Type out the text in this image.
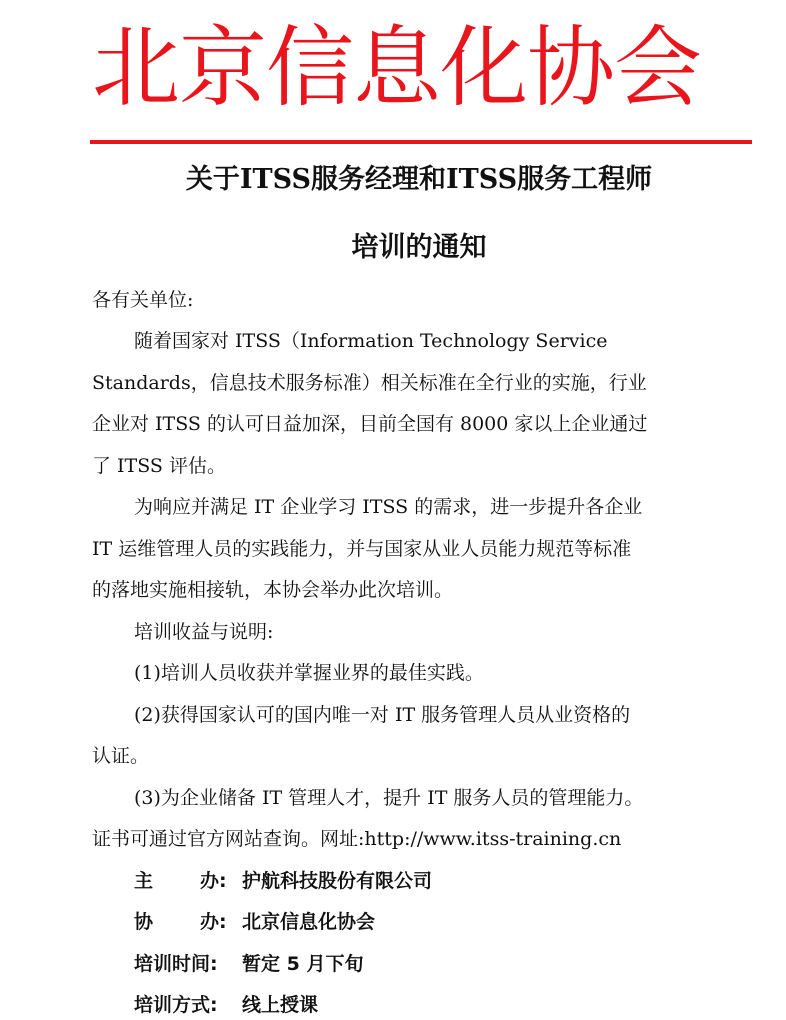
北京信息化协会
关于ITSS服务经理和ITSS服务工程师
培训的通知
各有关单位:
随着国家对 ITSS（Information Technology Service
Standards，信息技术服务标准）相关标准在全行业的实施，行业
企业对 ITSS 的认可日益加深，目前全国有 8000 家以上企业通过
了 ITSS 评估。
为响应并满足 IT 企业学习 ITSS 的需求，进一步提升各企业
IT 运维管理人员的实践能力，并与国家从业人员能力规范等标准
的落地实施相接轨，本协会举办此次培训。
培训收益与说明:
(1)培训人员收获并掌握业界的最佳实践。
(2)获得国家认可的国内唯一对 IT 服务管理人员从业资格的
认证。
(3)为企业储备 IT 管理人才，提升 IT 服务人员的管理能力。
证书可通过官方网站查询。网址:http://www.itss-training.cn
主 办: 护航科技股份有限公司
协 办: 北京信息化协会
培训时间: 暂定 5 月下旬
培训方式: 线上授课
